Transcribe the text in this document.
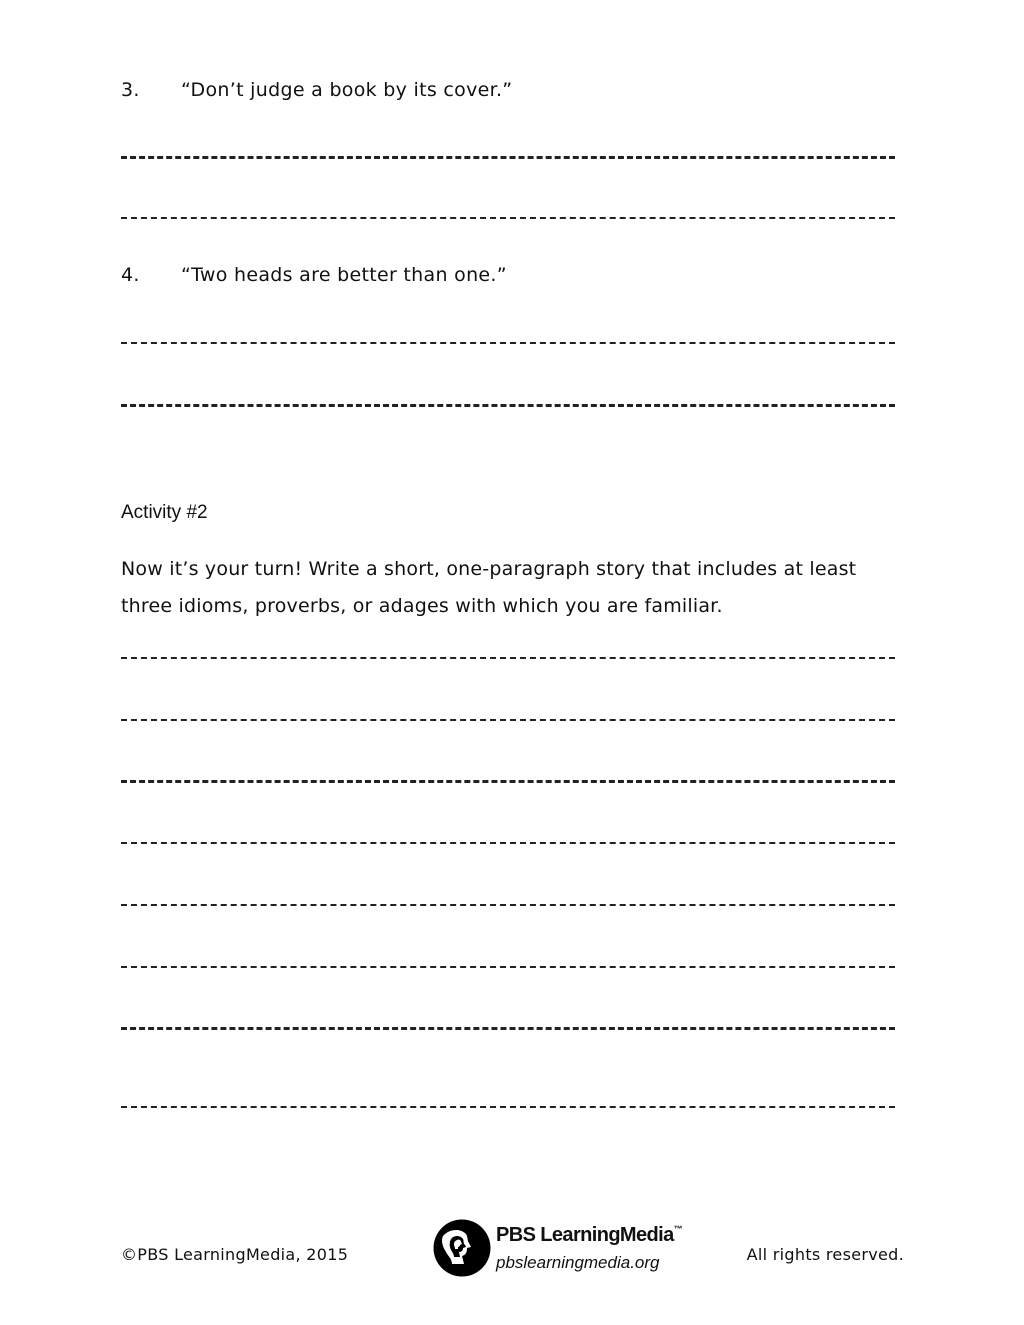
3. “Don’t judge a book by its cover.”
4. “Two heads are better than one.”
Activity #2
Now it’s your turn! Write a short, one-paragraph story that includes at least three idioms, proverbs, or adages with which you are familiar.
©PBS LearningMedia, 2015
PBS LearningMedia™
pbslearningmedia.org	All rights reserved.
